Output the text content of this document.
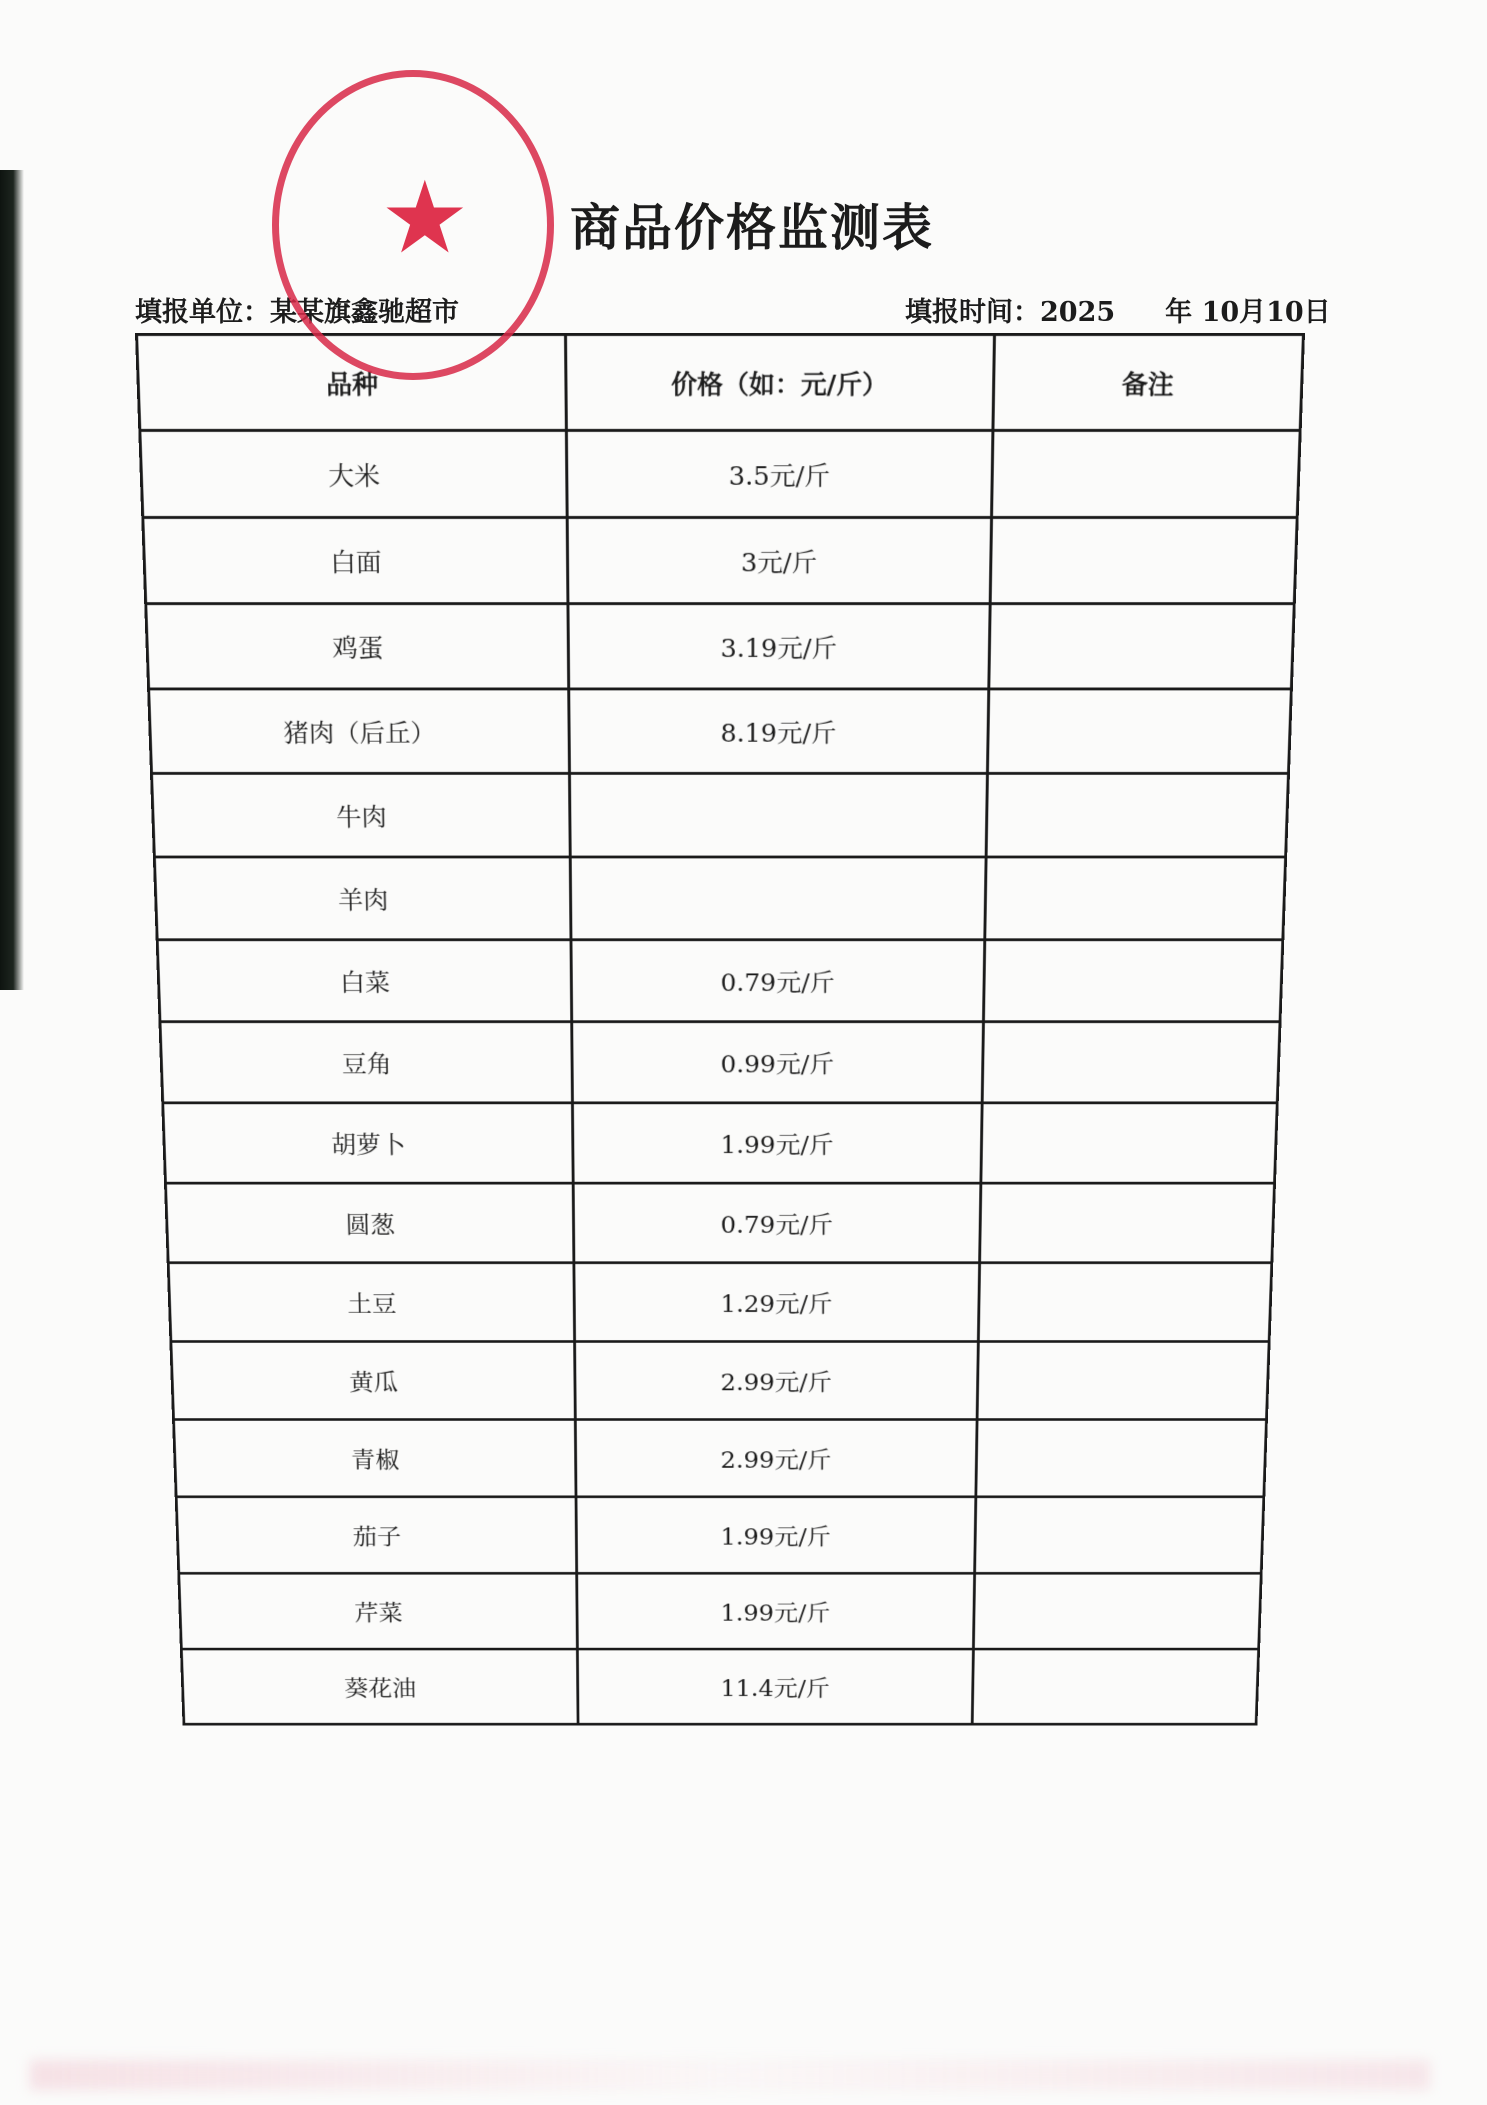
商品价格监测表
填报单位：某某旗鑫驰超市	填报时间：2025 年 10月10日
品种	价格（如：元/斤）	备注
大米	3.5元/斤	
白面	3元/斤	
鸡蛋	3.19元/斤	
猪肉（后丘）	8.19元/斤	
牛肉		
羊肉		
白菜	0.79元/斤	
豆角	0.99元/斤	
胡萝卜	1.99元/斤	
圆葱	0.79元/斤	
土豆	1.29元/斤	
黄瓜	2.99元/斤	
青椒	2.99元/斤	
茄子	1.99元/斤	
芹菜	1.99元/斤	
葵花油	11.4元/斤	
★
